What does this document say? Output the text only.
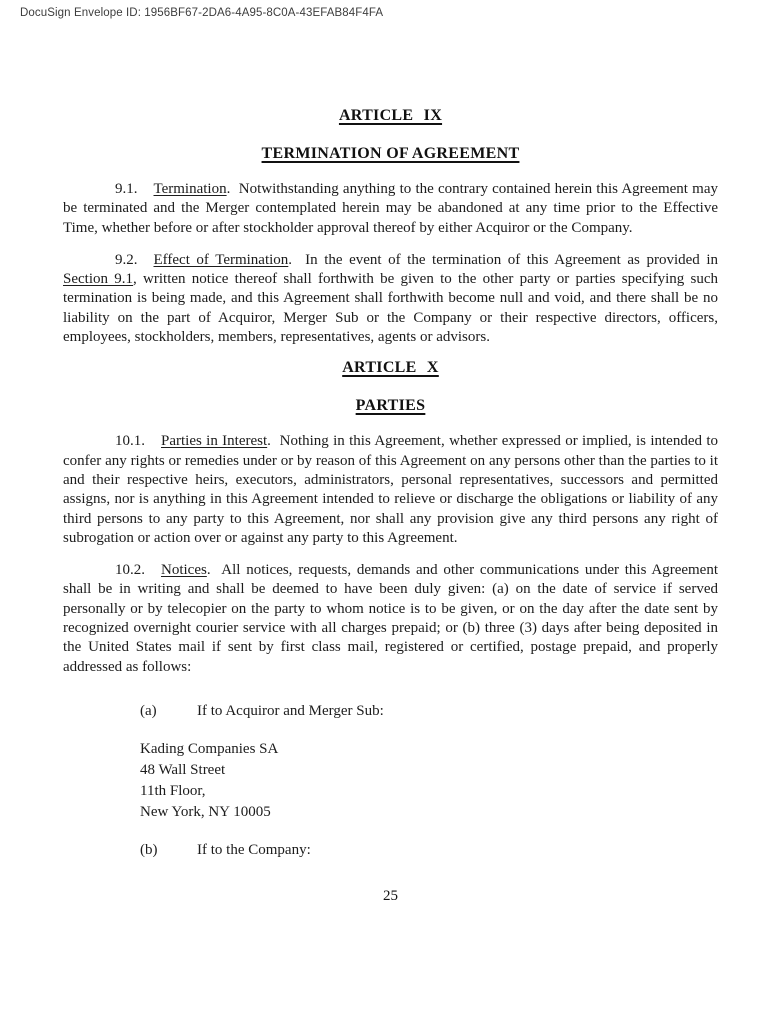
DocuSign Envelope ID: 1956BF67-2DA6-4A95-8C0A-43EFAB84F4FA
ARTICLE IX
TERMINATION OF AGREEMENT

9.1. Termination.  Notwithstanding anything to the contrary contained herein this Agreement may be terminated and the Merger contemplated herein may be abandoned at any time prior to the Effective Time, whether before or after stockholder approval thereof by either Acquiror or the Company.

9.2. Effect of Termination.  In the event of the termination of this Agreement as provided in Section 9.1, written notice thereof shall forthwith be given to the other party or parties specifying such termination is being made, and this Agreement shall forthwith become null and void, and there shall be no liability on the part of Acquiror, Merger Sub or the Company or their respective directors, officers, employees, stockholders, members, representatives, agents or advisors.

ARTICLE X
PARTIES

10.1. Parties in Interest.  Nothing in this Agreement, whether expressed or implied, is intended to confer any rights or remedies under or by reason of this Agreement on any persons other than the parties to it and their respective heirs, executors, administrators, personal representatives, successors and permitted assigns, nor is anything in this Agreement intended to relieve or discharge the obligations or liability of any third persons to any party to this Agreement, nor shall any provision give any third persons any right of subrogation or action over or against any party to this Agreement.

10.2. Notices.  All notices, requests, demands and other communications under this Agreement shall be in writing and shall be deemed to have been duly given: (a) on the date of service if served personally or by telecopier on the party to whom notice is to be given, or on the day after the date sent by recognized overnight courier service with all charges prepaid; or (b) three (3) days after being deposited in the United States mail if sent by first class mail, registered or certified, postage prepaid, and properly addressed as follows:

(a)	If to Acquiror and Merger Sub:
Kading Companies SA
48 Wall Street
11th Floor,
New York, NY 10005
(b)	If to the Company:
25
